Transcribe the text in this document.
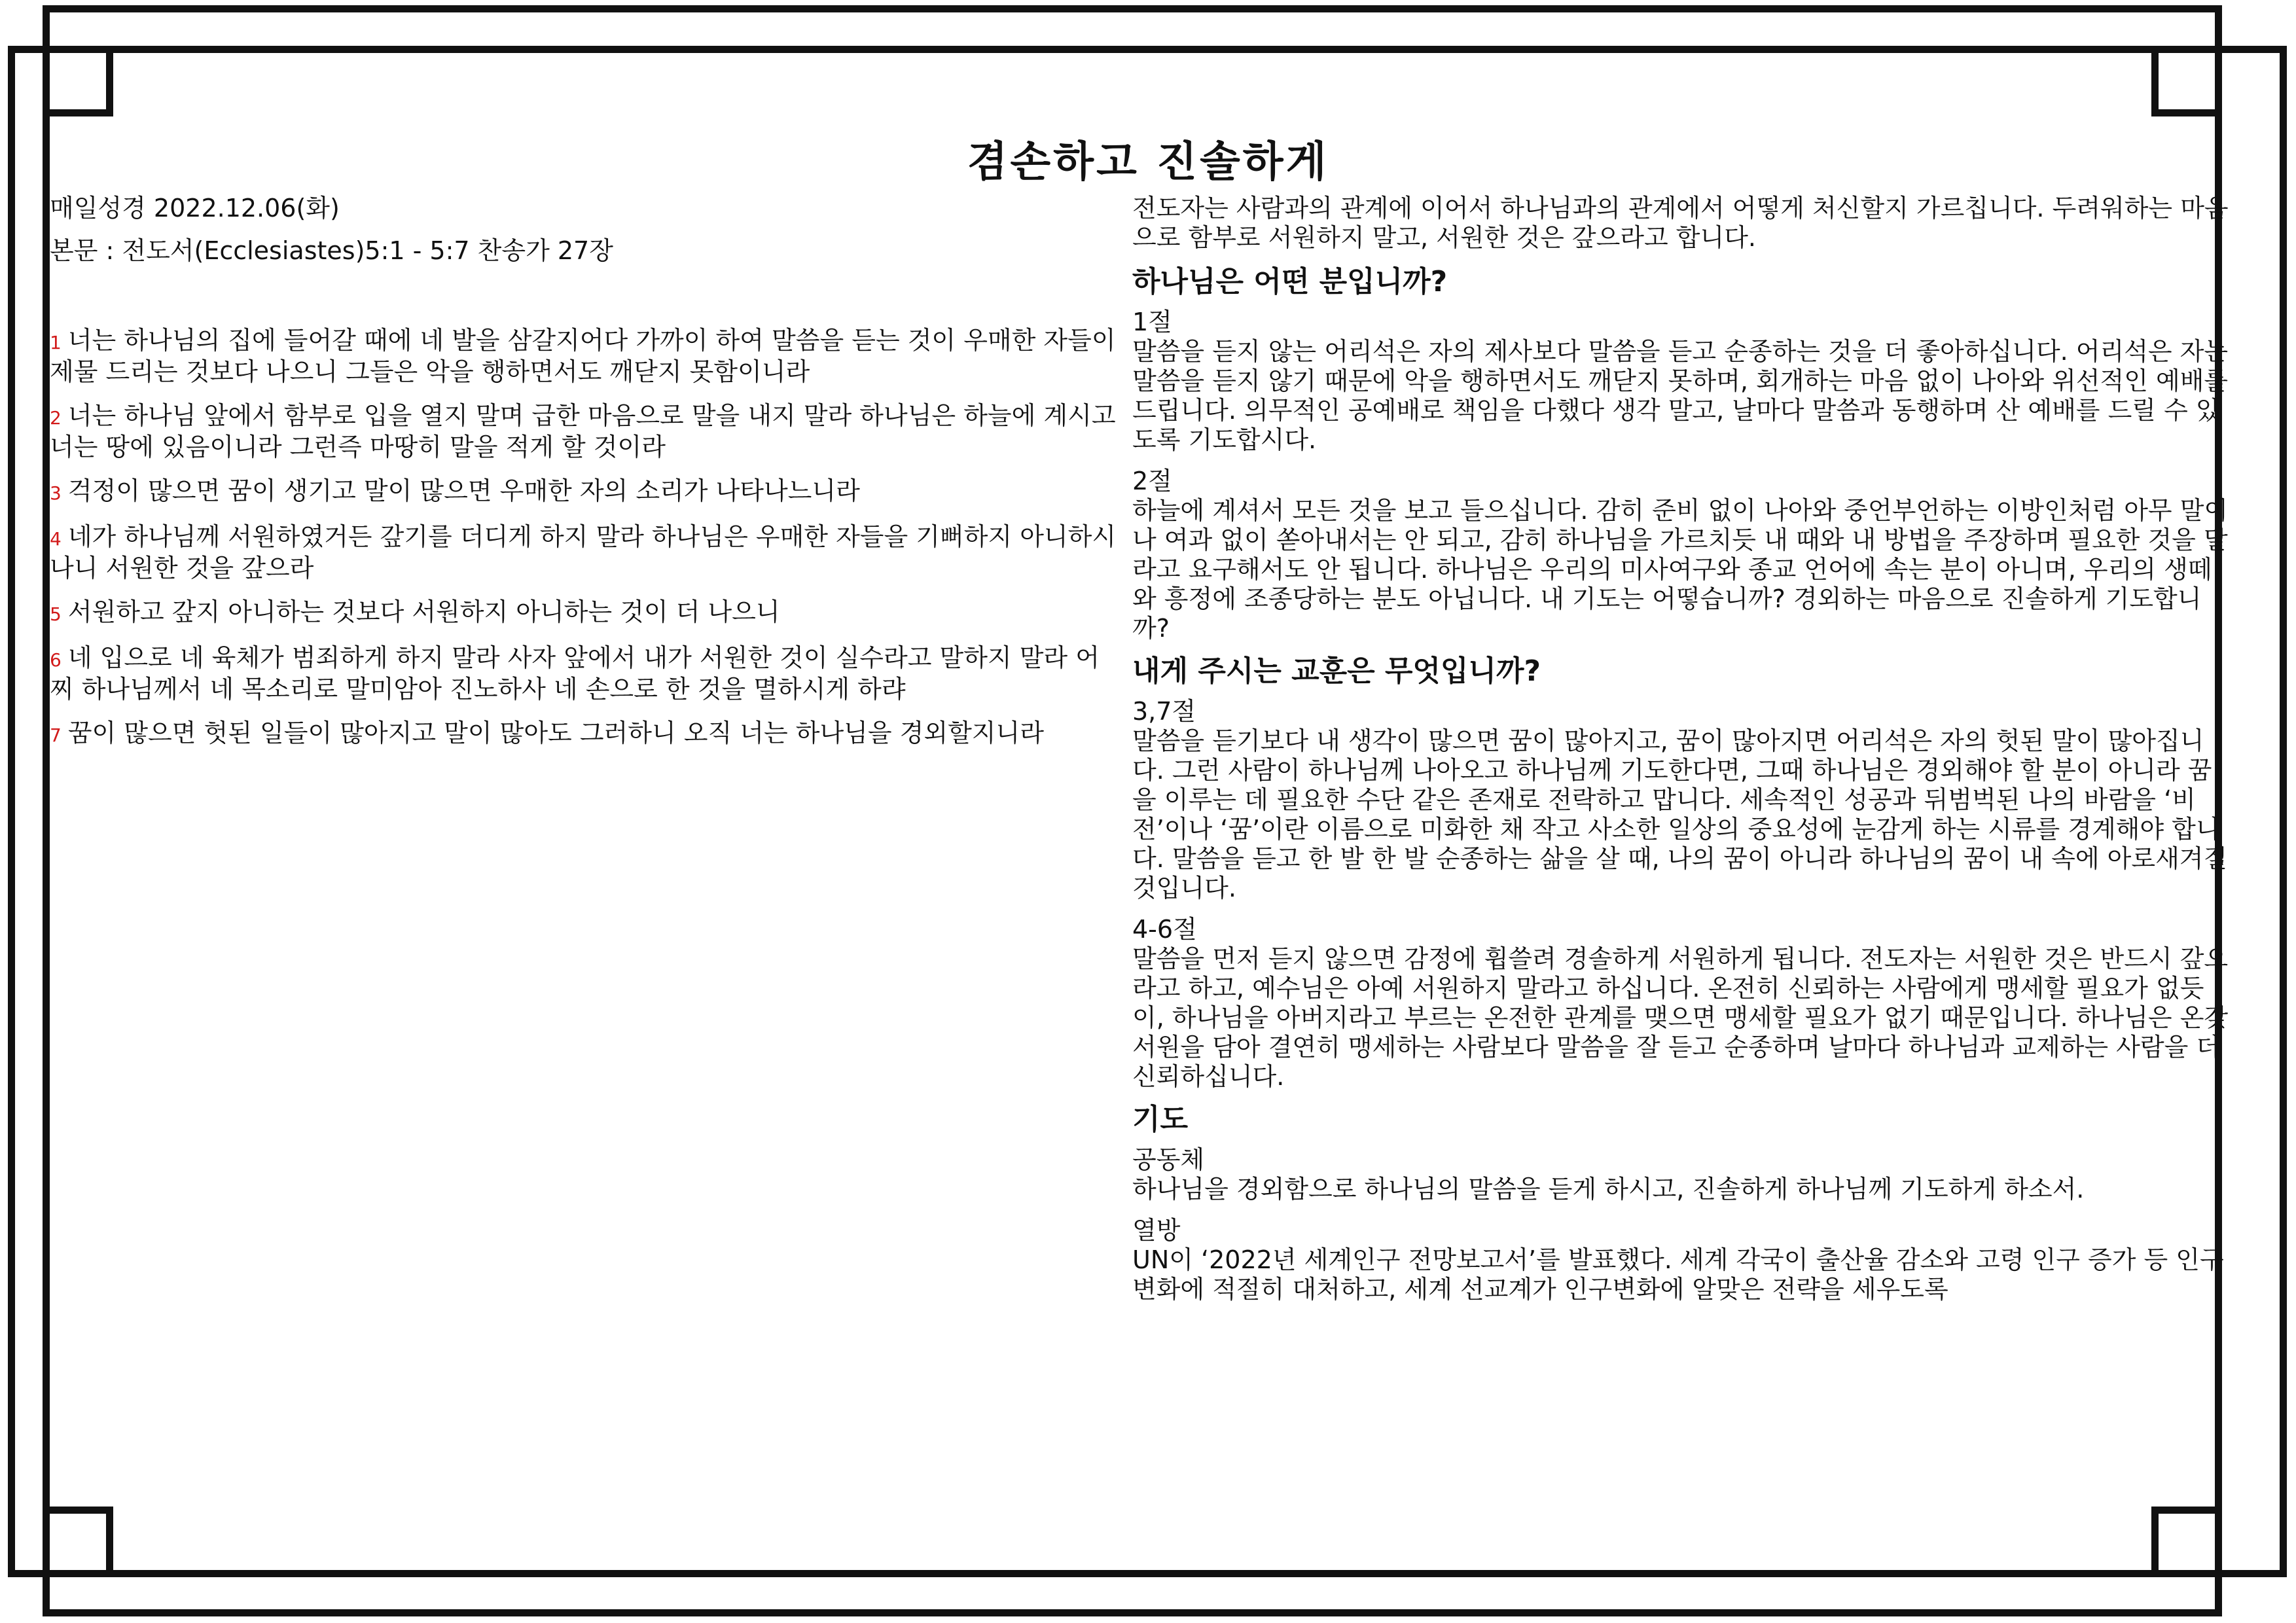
겸손하고 진솔하게

매일성경 2022.12.06(화)

본문 : 전도서(Ecclesiastes)5:1 - 5:7 찬송가 27장

1 너는 하나님의 집에 들어갈 때에 네 발을 삼갈지어다 가까이 하여 말씀을 듣는 것이 우매한 자들이 제물 드리는 것보다 나으니 그들은 악을 행하면서도 깨닫지 못함이니라

2 너는 하나님 앞에서 함부로 입을 열지 말며 급한 마음으로 말을 내지 말라 하나님은 하늘에 계시고 너는 땅에 있음이니라 그런즉 마땅히 말을 적게 할 것이라

3 걱정이 많으면 꿈이 생기고 말이 많으면 우매한 자의 소리가 나타나느니라

4 네가 하나님께 서원하였거든 갚기를 더디게 하지 말라 하나님은 우매한 자들을 기뻐하지 아니하시나니 서원한 것을 갚으라

5 서원하고 갚지 아니하는 것보다 서원하지 아니하는 것이 더 나으니

6 네 입으로 네 육체가 범죄하게 하지 말라 사자 앞에서 내가 서원한 것이 실수라고 말하지 말라 어찌 하나님께서 네 목소리로 말미암아 진노하사 네 손으로 한 것을 멸하시게 하랴

7 꿈이 많으면 헛된 일들이 많아지고 말이 많아도 그러하니 오직 너는 하나님을 경외할지니라

전도자는 사람과의 관계에 이어서 하나님과의 관계에서 어떻게 처신할지 가르칩니다. 두려워하는 마음으로 함부로 서원하지 말고, 서원한 것은 갚으라고 합니다.

하나님은 어떤 분입니까?

1절
말씀을 듣지 않는 어리석은 자의 제사보다 말씀을 듣고 순종하는 것을 더 좋아하십니다. 어리석은 자는 말씀을 듣지 않기 때문에 악을 행하면서도 깨닫지 못하며, 회개하는 마음 없이 나아와 위선적인 예배를 드립니다. 의무적인 공예배로 책임을 다했다 생각 말고, 날마다 말씀과 동행하며 산 예배를 드릴 수 있도록 기도합시다.

2절
하늘에 계셔서 모든 것을 보고 들으십니다. 감히 준비 없이 나아와 중언부언하는 이방인처럼 아무 말이나 여과 없이 쏟아내서는 안 되고, 감히 하나님을 가르치듯 내 때와 내 방법을 주장하며 필요한 것을 달라고 요구해서도 안 됩니다. 하나님은 우리의 미사여구와 종교 언어에 속는 분이 아니며, 우리의 생떼와 흥정에 조종당하는 분도 아닙니다. 내 기도는 어떻습니까? 경외하는 마음으로 진솔하게 기도합니까?

내게 주시는 교훈은 무엇입니까?

3,7절
말씀을 듣기보다 내 생각이 많으면 꿈이 많아지고, 꿈이 많아지면 어리석은 자의 헛된 말이 많아집니다. 그런 사람이 하나님께 나아오고 하나님께 기도한다면, 그때 하나님은 경외해야 할 분이 아니라 꿈을 이루는 데 필요한 수단 같은 존재로 전락하고 맙니다. 세속적인 성공과 뒤범벅된 나의 바람을 ‘비전’이나 ‘꿈’이란 이름으로 미화한 채 작고 사소한 일상의 중요성에 눈감게 하는 시류를 경계해야 합니다. 말씀을 듣고 한 발 한 발 순종하는 삶을 살 때, 나의 꿈이 아니라 하나님의 꿈이 내 속에 아로새겨질 것입니다.

4-6절
말씀을 먼저 듣지 않으면 감정에 휩쓸려 경솔하게 서원하게 됩니다. 전도자는 서원한 것은 반드시 갚으라고 하고, 예수님은 아예 서원하지 말라고 하십니다. 온전히 신뢰하는 사람에게 맹세할 필요가 없듯이, 하나님을 아버지라고 부르는 온전한 관계를 맺으면 맹세할 필요가 없기 때문입니다. 하나님은 온갖 서원을 담아 결연히 맹세하는 사람보다 말씀을 잘 듣고 순종하며 날마다 하나님과 교제하는 사람을 더 신뢰하십니다.

기도

공동체
하나님을 경외함으로 하나님의 말씀을 듣게 하시고, 진솔하게 하나님께 기도하게 하소서.

열방
UN이 ‘2022년 세계인구 전망보고서’를 발표했다. 세계 각국이 출산율 감소와 고령 인구 증가 등 인구변화에 적절히 대처하고, 세계 선교계가 인구변화에 알맞은 전략을 세우도록
